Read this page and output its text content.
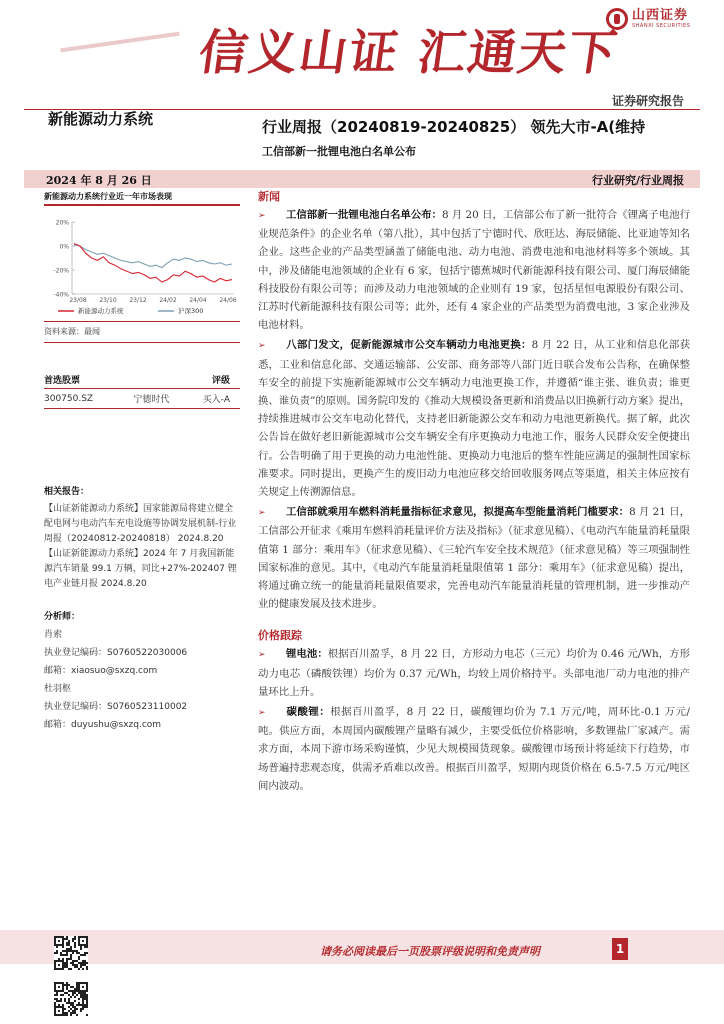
信义山证 汇通天下
山西证券
SHANXI SECURITIES
证券研究报告
新能源动力系统	行业周报（20240819-20240825） 领先大市-A(维持
工信部新一批锂电池白名单公布
2024 年 8 月 26 日	行业研究/行业周报
新能源动力系统行业近一年市场表现
20%
0%
-20%
-40%
23/08 23/10 23/12 24/02 24/04 24/06
新能源动力系统	沪深300
资料来源：最闻
首选股票		评级
300750.SZ	宁德时代	买入-A
相关报告：
【山证新能源动力系统】国家能源局将建立健全配电网与电动汽车充电设施等协调发展机制-行业周报（20240812-20240818） 2024.8.20
【山证新能源动力系统】2024 年 7 月我国新能源汽车销量 99.1 万辆，同比+27%-202407 锂电产业链月报 2024.8.20
分析师：
肖索
执业登记编码：S0760522030006
邮箱：xiaosuo@sxzq.com
杜羽枢
执业登记编码：S0760523110002
邮箱：duyushu@sxzq.com
新闻

➢ 工信部新一批锂电池白名单公布：8 月 20 日，工信部公布了新一批符合《锂离子电池行业规范条件》的企业名单（第八批），其中包括了宁德时代、欣旺达、海辰储能、比亚迪等知名企业。这些企业的产品类型涵盖了储能电池、动力电池、消费电池和电池材料等多个领域。其中，涉及储能电池领域的企业有 6 家，包括宁德蕉城时代新能源科技有限公司、厦门海辰储能科技股份有限公司等；而涉及动力电池领域的企业则有 19 家，包括星恒电源股份有限公司、江苏时代新能源科技有限公司等；此外，还有 4 家企业的产品类型为消费电池，3 家企业涉及电池材料。

➢ 八部门发文，促新能源城市公交车辆动力电池更换：8 月 22 日，从工业和信息化部获悉，工业和信息化部、交通运输部、公安部、商务部等八部门近日联合发布公告称，在确保整车安全的前提下实施新能源城市公交车辆动力电池更换工作，并遵循“谁主张、谁负责；谁更换、谁负责”的原则。国务院印发的《推动大规模设备更新和消费品以旧换新行动方案》提出，持续推进城市公交车电动化替代，支持老旧新能源公交车和动力电池更新换代。据了解，此次公告旨在做好老旧新能源城市公交车辆安全有序更换动力电池工作，服务人民群众安全便捷出行。公告明确了用于更换的动力电池性能、更换动力电池后的整车性能应满足的强制性国家标准要求。同时提出，更换产生的废旧动力电池应移交给回收服务网点等渠道，相关主体应按有关规定上传溯源信息。

➢ 工信部就乘用车燃料消耗量指标征求意见，拟提高车型能量消耗门槛要求：8 月 21 日，工信部公开征求《乘用车燃料消耗量评价方法及指标》（征求意见稿）、《电动汽车能量消耗量限值第 1 部分：乘用车》（征求意见稿）、《三轮汽车安全技术规范》（征求意见稿）等三项强制性国家标准的意见。其中，《电动汽车能量消耗量限值第 1 部分：乘用车》（征求意见稿）提出，将通过确立统一的能量消耗量限值要求，完善电动汽车能量消耗量的管理机制，进一步推动产业的健康发展及技术进步。

价格跟踪

➢ 锂电池：根据百川盈孚，8 月 22 日，方形动力电芯（三元）均价为 0.46 元/Wh，方形动力电芯（磷酸铁锂）均价为 0.37 元/Wh，均较上周价格持平。头部电池厂动力电池的排产量环比上升。

➢ 碳酸锂：根据百川盈孚，8 月 22 日，碳酸锂均价为 7.1 万元/吨，周环比-0.1 万元/吨。供应方面，本周国内碳酸锂产量略有减少，主要受低位价格影响，多数锂盐厂家减产。需求方面，本周下游市场采购谨慎，少见大规模囤货现象。碳酸锂市场预计将延续下行趋势，市场普遍持悲观态度，供需矛盾难以改善。根据百川盈孚，短期内现货价格在 6.5-7.5 万元/吨区间内波动。

请务必阅读最后一页股票评级说明和免责声明	1
